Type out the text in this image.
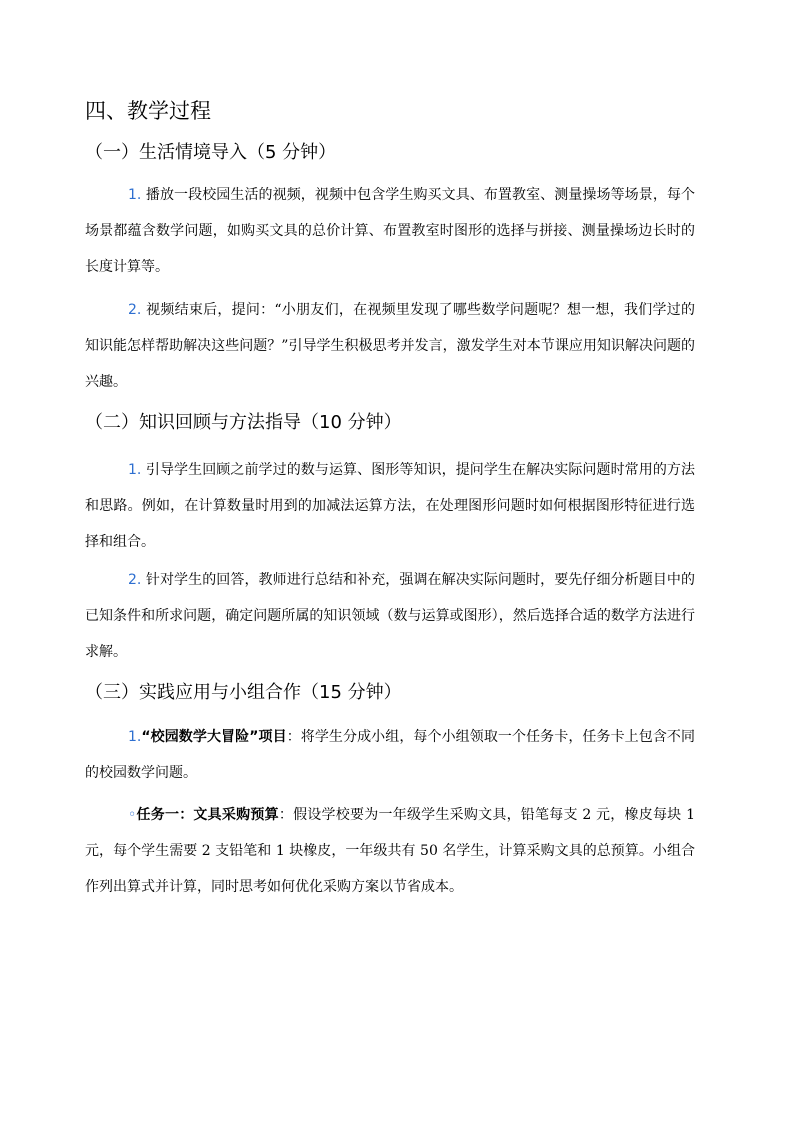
四、教学过程
（一）生活情境导入（5 分钟）
1. 播放一段校园生活的视频，视频中包含学生购买文具、布置教室、测量操场等场景，每个场景都蕴含数学问题，如购买文具的总价计算、布置教室时图形的选择与拼接、测量操场边长时的长度计算等。
2. 视频结束后，提问：“小朋友们，在视频里发现了哪些数学问题呢？想一想，我们学过的知识能怎样帮助解决这些问题？”引导学生积极思考并发言，激发学生对本节课应用知识解决问题的兴趣。
（二）知识回顾与方法指导（10 分钟）
1. 引导学生回顾之前学过的数与运算、图形等知识，提问学生在解决实际问题时常用的方法和思路。例如，在计算数量时用到的加减法运算方法，在处理图形问题时如何根据图形特征进行选择和组合。
2. 针对学生的回答，教师进行总结和补充，强调在解决实际问题时，要先仔细分析题目中的已知条件和所求问题，确定问题所属的知识领域（数与运算或图形），然后选择合适的数学方法进行求解。
（三）实践应用与小组合作（15 分钟）
1.“校园数学大冒险”项目：将学生分成小组，每个小组领取一个任务卡，任务卡上包含不同的校园数学问题。
◦任务一：文具采购预算：假设学校要为一年级学生采购文具，铅笔每支 2 元，橡皮每块 1 元，每个学生需要 2 支铅笔和 1 块橡皮，一年级共有 50 名学生，计算采购文具的总预算。小组合作列出算式并计算，同时思考如何优化采购方案以节省成本。
